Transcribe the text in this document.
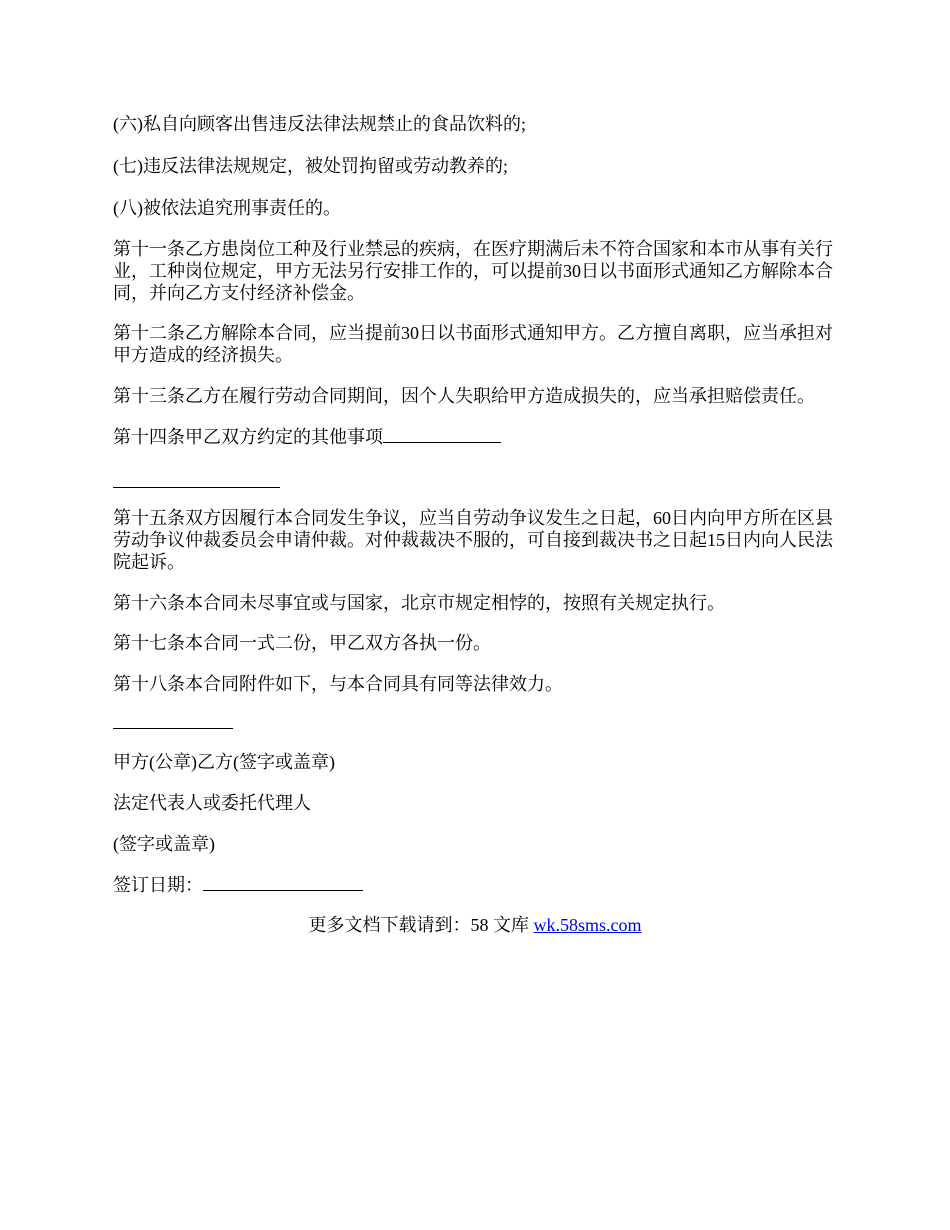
(六)私自向顾客出售违反法律法规禁止的食品饮料的;

(七)违反法律法规规定，被处罚拘留或劳动教养的;

(八)被依法追究刑事责任的。

第十一条乙方患岗位工种及行业禁忌的疾病，在医疗期满后未不符合国家和本市从事有关行业，工种岗位规定，甲方无法另行安排工作的，可以提前30日以书面形式通知乙方解除本合同，并向乙方支付经济补偿金。

第十二条乙方解除本合同，应当提前30日以书面形式通知甲方。乙方擅自离职，应当承担对甲方造成的经济损失。

第十三条乙方在履行劳动合同期间，因个人失职给甲方造成损失的，应当承担赔偿责任。

第十四条甲乙双方约定的其他事项

第十五条双方因履行本合同发生争议，应当自劳动争议发生之日起，60日内向甲方所在区县劳动争议仲裁委员会申请仲裁。对仲裁裁决不服的，可自接到裁决书之日起15日内向人民法院起诉。

第十六条本合同未尽事宜或与国家，北京市规定相悖的，按照有关规定执行。

第十七条本合同一式二份，甲乙双方各执一份。

第十八条本合同附件如下，与本合同具有同等法律效力。

甲方(公章)乙方(签字或盖章)

法定代表人或委托代理人

(签字或盖章)

签订日期：

更多文档下载请到：58 文库 wk.58sms.com
